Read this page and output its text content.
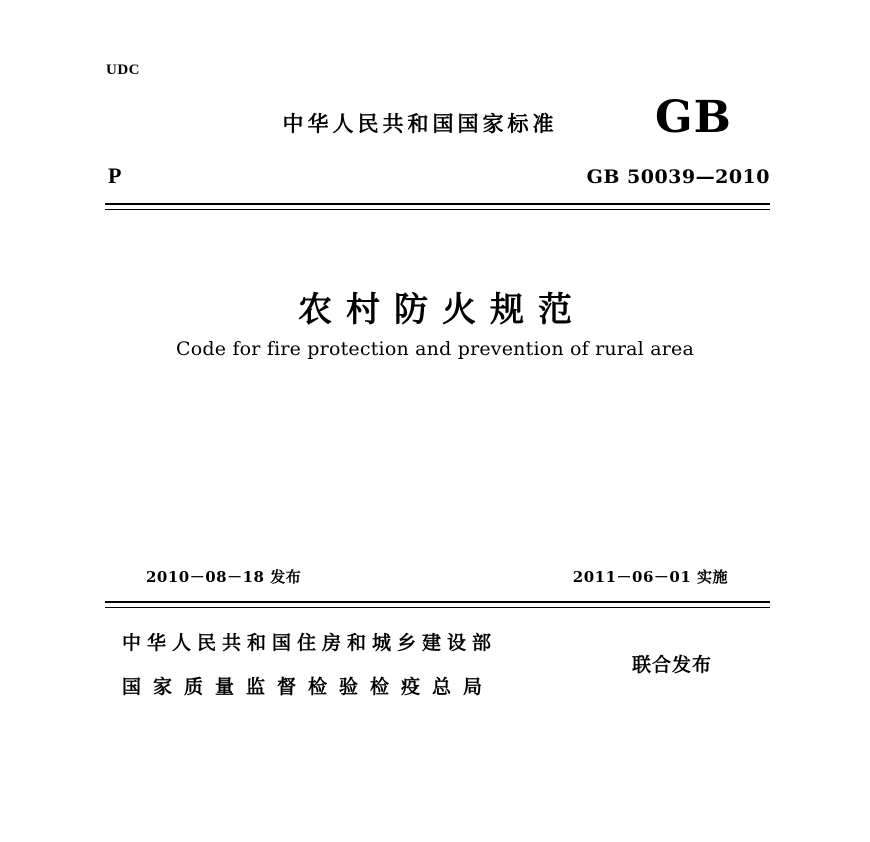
UDC
中华人民共和国国家标准	GB
P	GB 50039—2010
农村防火规范
Code for fire protection and prevention of rural area
2010－08－18 发布	2011－06－01 实施
中华人民共和国住房和城乡建设部
国家质量监督检验检疫总局
联合发布
